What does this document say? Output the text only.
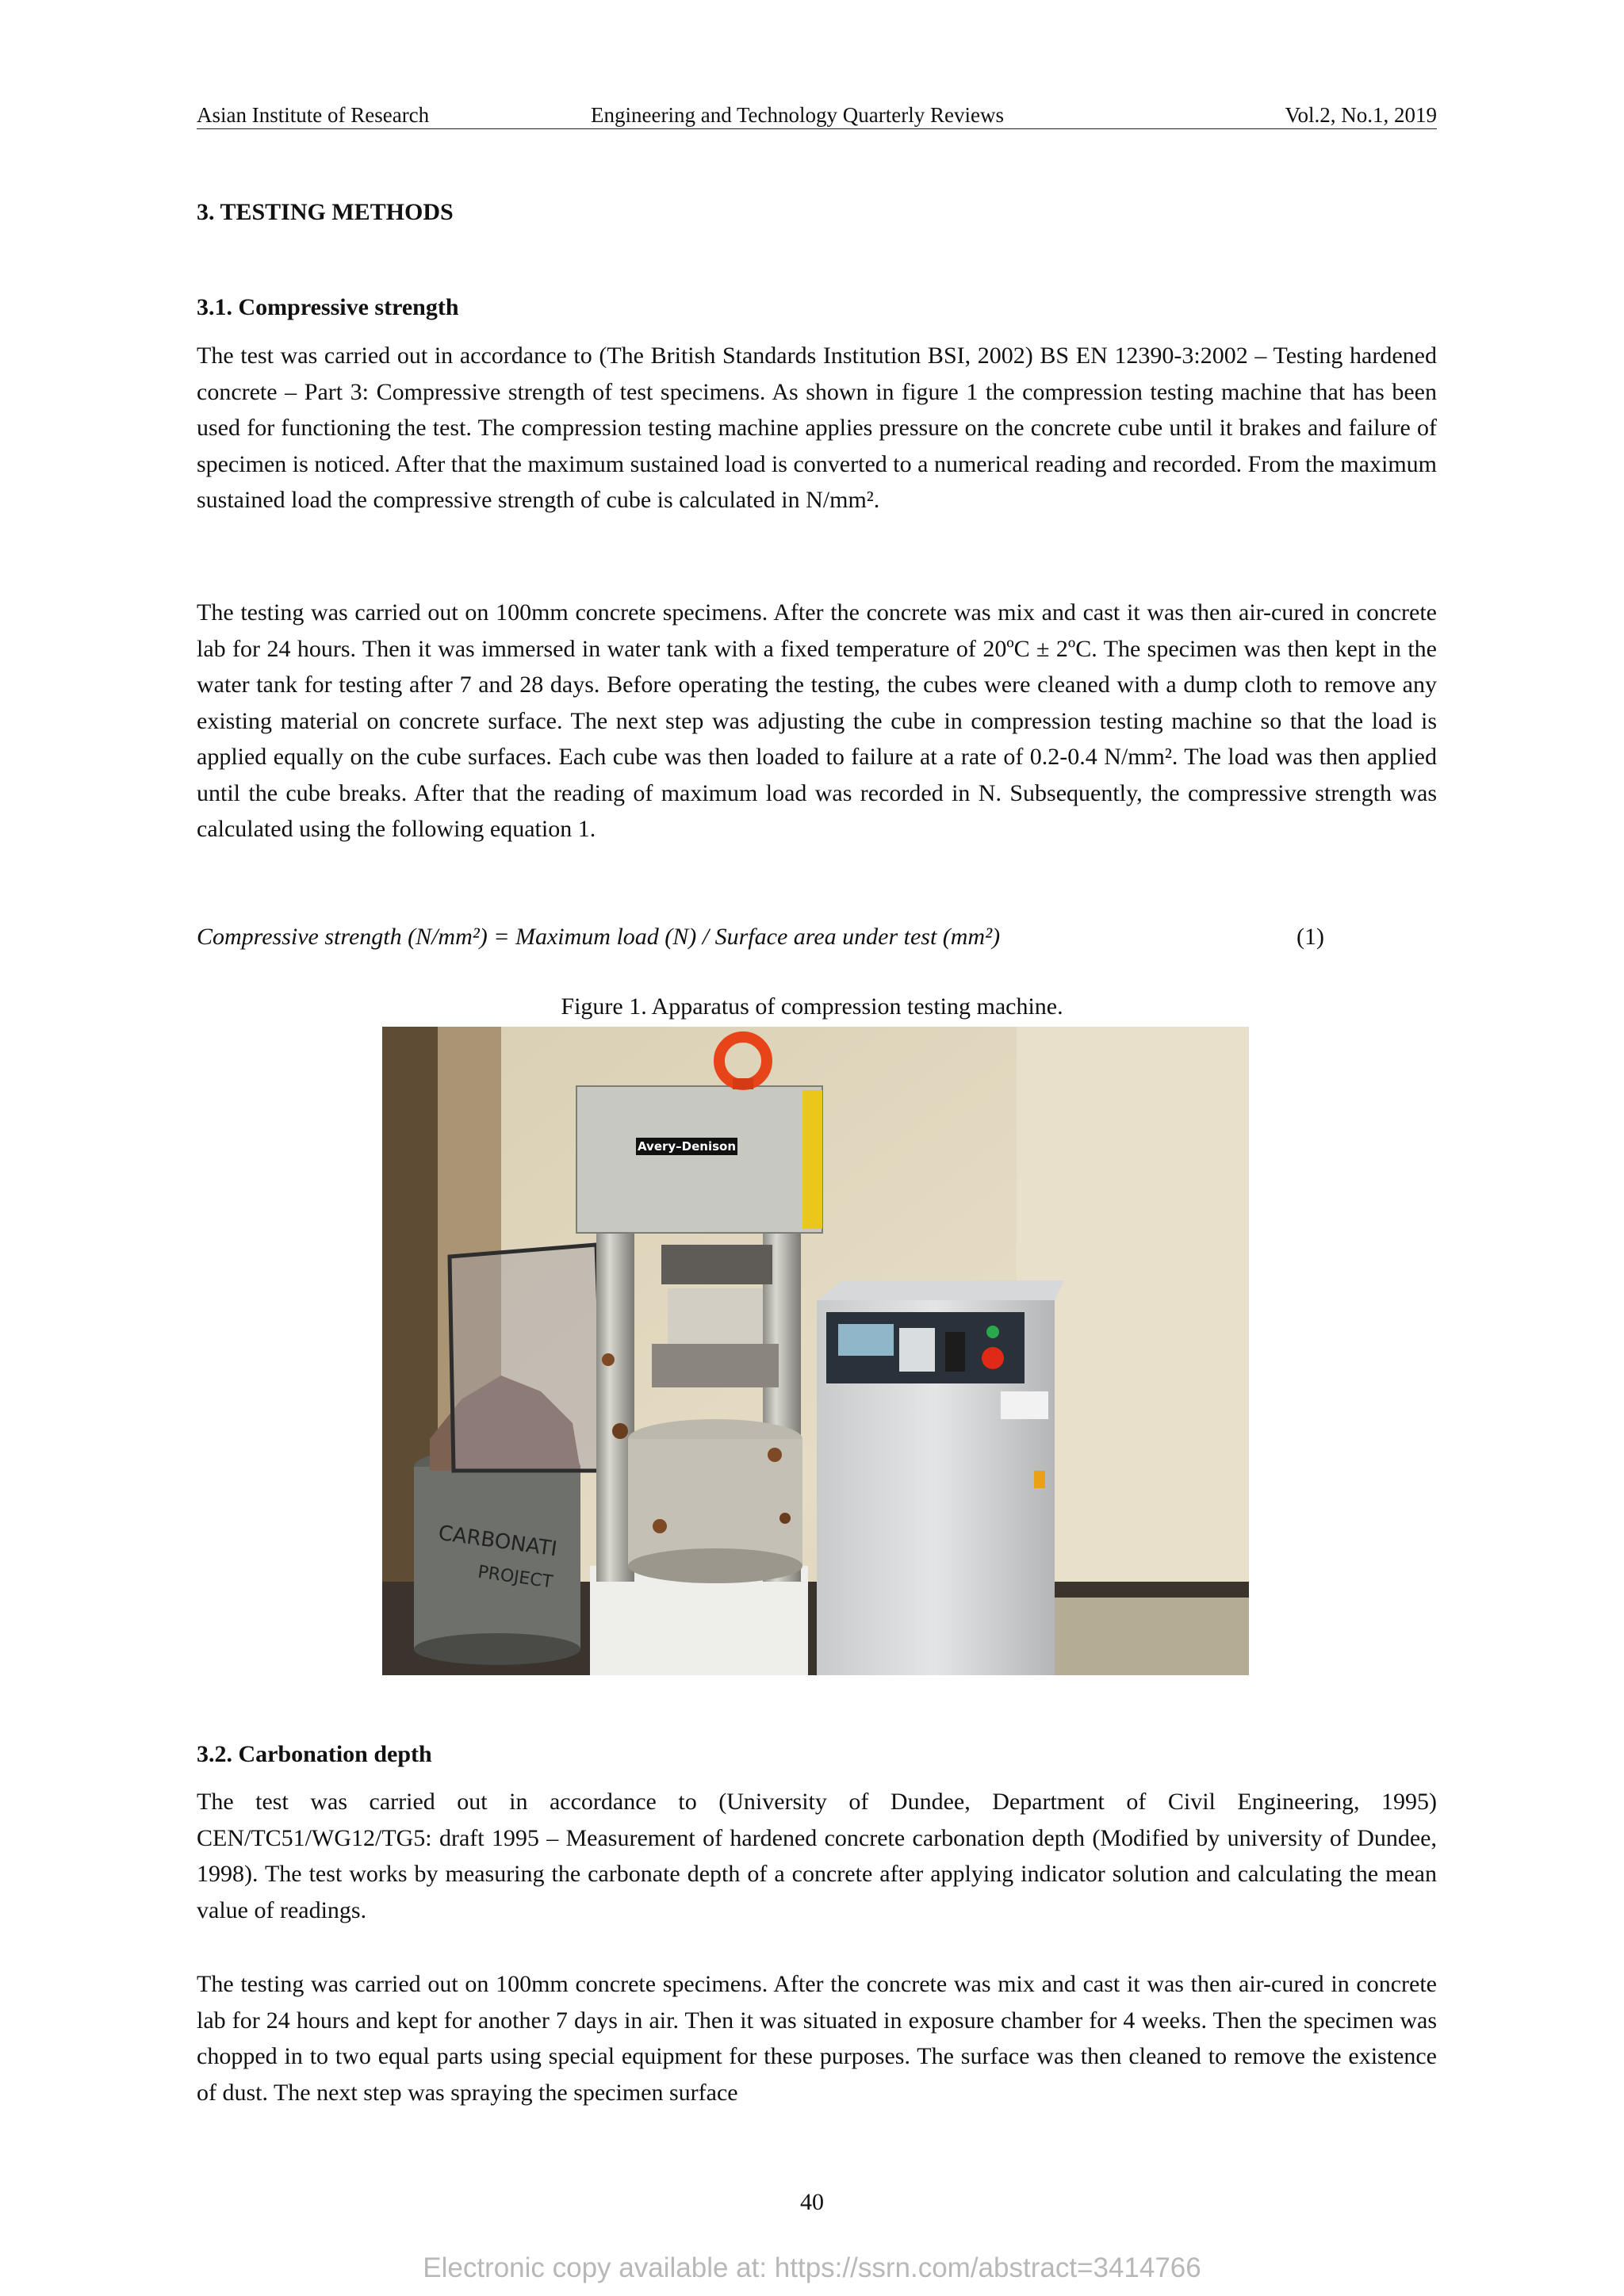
Asian Institute of Research	Engineering and Technology Quarterly Reviews	Vol.2, No.1, 2019
3. TESTING METHODS
3.1. Compressive strength

The test was carried out in accordance to (The British Standards Institution BSI, 2002) BS EN 12390-3:2002 – Testing hardened concrete – Part 3: Compressive strength of test specimens. As shown in figure 1 the compression testing machine that has been used for functioning the test. The compression testing machine applies pressure on the concrete cube until it brakes and failure of specimen is noticed. After that the maximum sustained load is converted to a numerical reading and recorded. From the maximum sustained load the compressive strength of cube is calculated in N/mm².

The testing was carried out on 100mm concrete specimens. After the concrete was mix and cast it was then air-cured in concrete lab for 24 hours. Then it was immersed in water tank with a fixed temperature of 20ºC ± 2ºC. The specimen was then kept in the water tank for testing after 7 and 28 days. Before operating the testing, the cubes were cleaned with a dump cloth to remove any existing material on concrete surface. The next step was adjusting the cube in compression testing machine so that the load is applied equally on the cube surfaces. Each cube was then loaded to failure at a rate of 0.2-0.4 N/mm². The load was then applied until the cube breaks. After that the reading of maximum load was recorded in N. Subsequently, the compressive strength was calculated using the following equation 1.

Compressive strength (N/mm²) = Maximum load (N) / Surface area under test (mm²)	(1)

Figure 1. Apparatus of compression testing machine.

CARBONATI
PROJECT
Avery–Denison
3.2. Carbonation depth

The test was carried out in accordance to (University of Dundee, Department of Civil Engineering, 1995) CEN/TC51/WG12/TG5: draft 1995 – Measurement of hardened concrete carbonation depth (Modified by university of Dundee, 1998). The test works by measuring the carbonate depth of a concrete after applying indicator solution and calculating the mean value of readings.

The testing was carried out on 100mm concrete specimens. After the concrete was mix and cast it was then air-cured in concrete lab for 24 hours and kept for another 7 days in air. Then it was situated in exposure chamber for 4 weeks. Then the specimen was chopped in to two equal parts using special equipment for these purposes. The surface was then cleaned to remove the existence of dust. The next step was spraying the specimen surface

40
Electronic copy available at: https://ssrn.com/abstract=3414766
